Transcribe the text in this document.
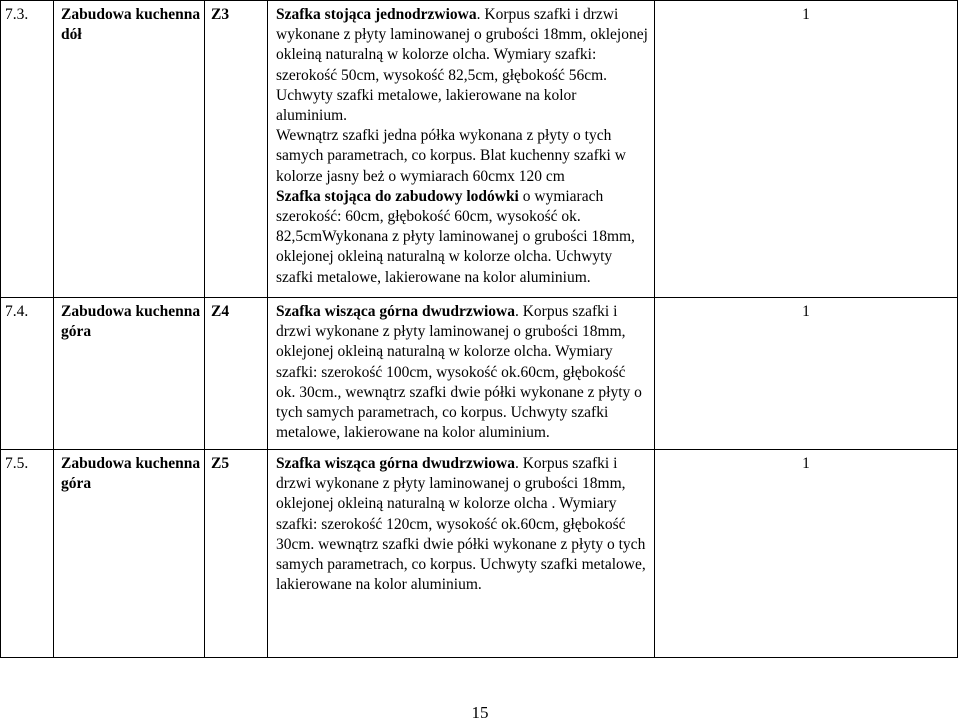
7.3.	Zabudowa kuchenna dół	Z3	Szafka stojąca jednodrzwiowa. Korpus szafki i drzwi wykonane z płyty laminowanej o grubości 18mm, oklejonej okleiną naturalną w kolorze olcha. Wymiary szafki: szerokość 50cm, wysokość 82,5cm, głębokość 56cm. Uchwyty szafki metalowe, lakierowane na kolor aluminium.

Wewnątrz szafki jedna półka wykonana z płyty o tych samych parametrach, co korpus. Blat kuchenny szafki w kolorze jasny beż o wymiarach 60cmx 120 cm

Szafka stojąca do zabudowy lodówki o wymiarach szerokość: 60cm, głębokość 60cm, wysokość ok. 82,5cmWykonana z płyty laminowanej o grubości 18mm, oklejonej okleiną naturalną w kolorze olcha. Uchwyty szafki metalowe, lakierowane na kolor aluminium.	1
7.4.	Zabudowa kuchenna góra	Z4	Szafka wisząca górna dwudrzwiowa. Korpus szafki i drzwi wykonane z płyty laminowanej o grubości 18mm, oklejonej okleiną naturalną w kolorze olcha. Wymiary szafki: szerokość 100cm, wysokość ok.60cm, głębokość ok. 30cm., wewnątrz szafki dwie półki wykonane z płyty o tych samych parametrach, co korpus. Uchwyty szafki metalowe, lakierowane na kolor aluminium.	1
7.5.	Zabudowa kuchenna góra	Z5	Szafka wisząca górna dwudrzwiowa. Korpus szafki i drzwi wykonane z płyty laminowanej o grubości 18mm, oklejonej okleiną naturalną w kolorze olcha . Wymiary szafki: szerokość 120cm, wysokość ok.60cm, głębokość 30cm. wewnątrz szafki dwie półki wykonane z płyty o tych samych parametrach, co korpus. Uchwyty szafki metalowe, lakierowane na kolor aluminium.	1
15
